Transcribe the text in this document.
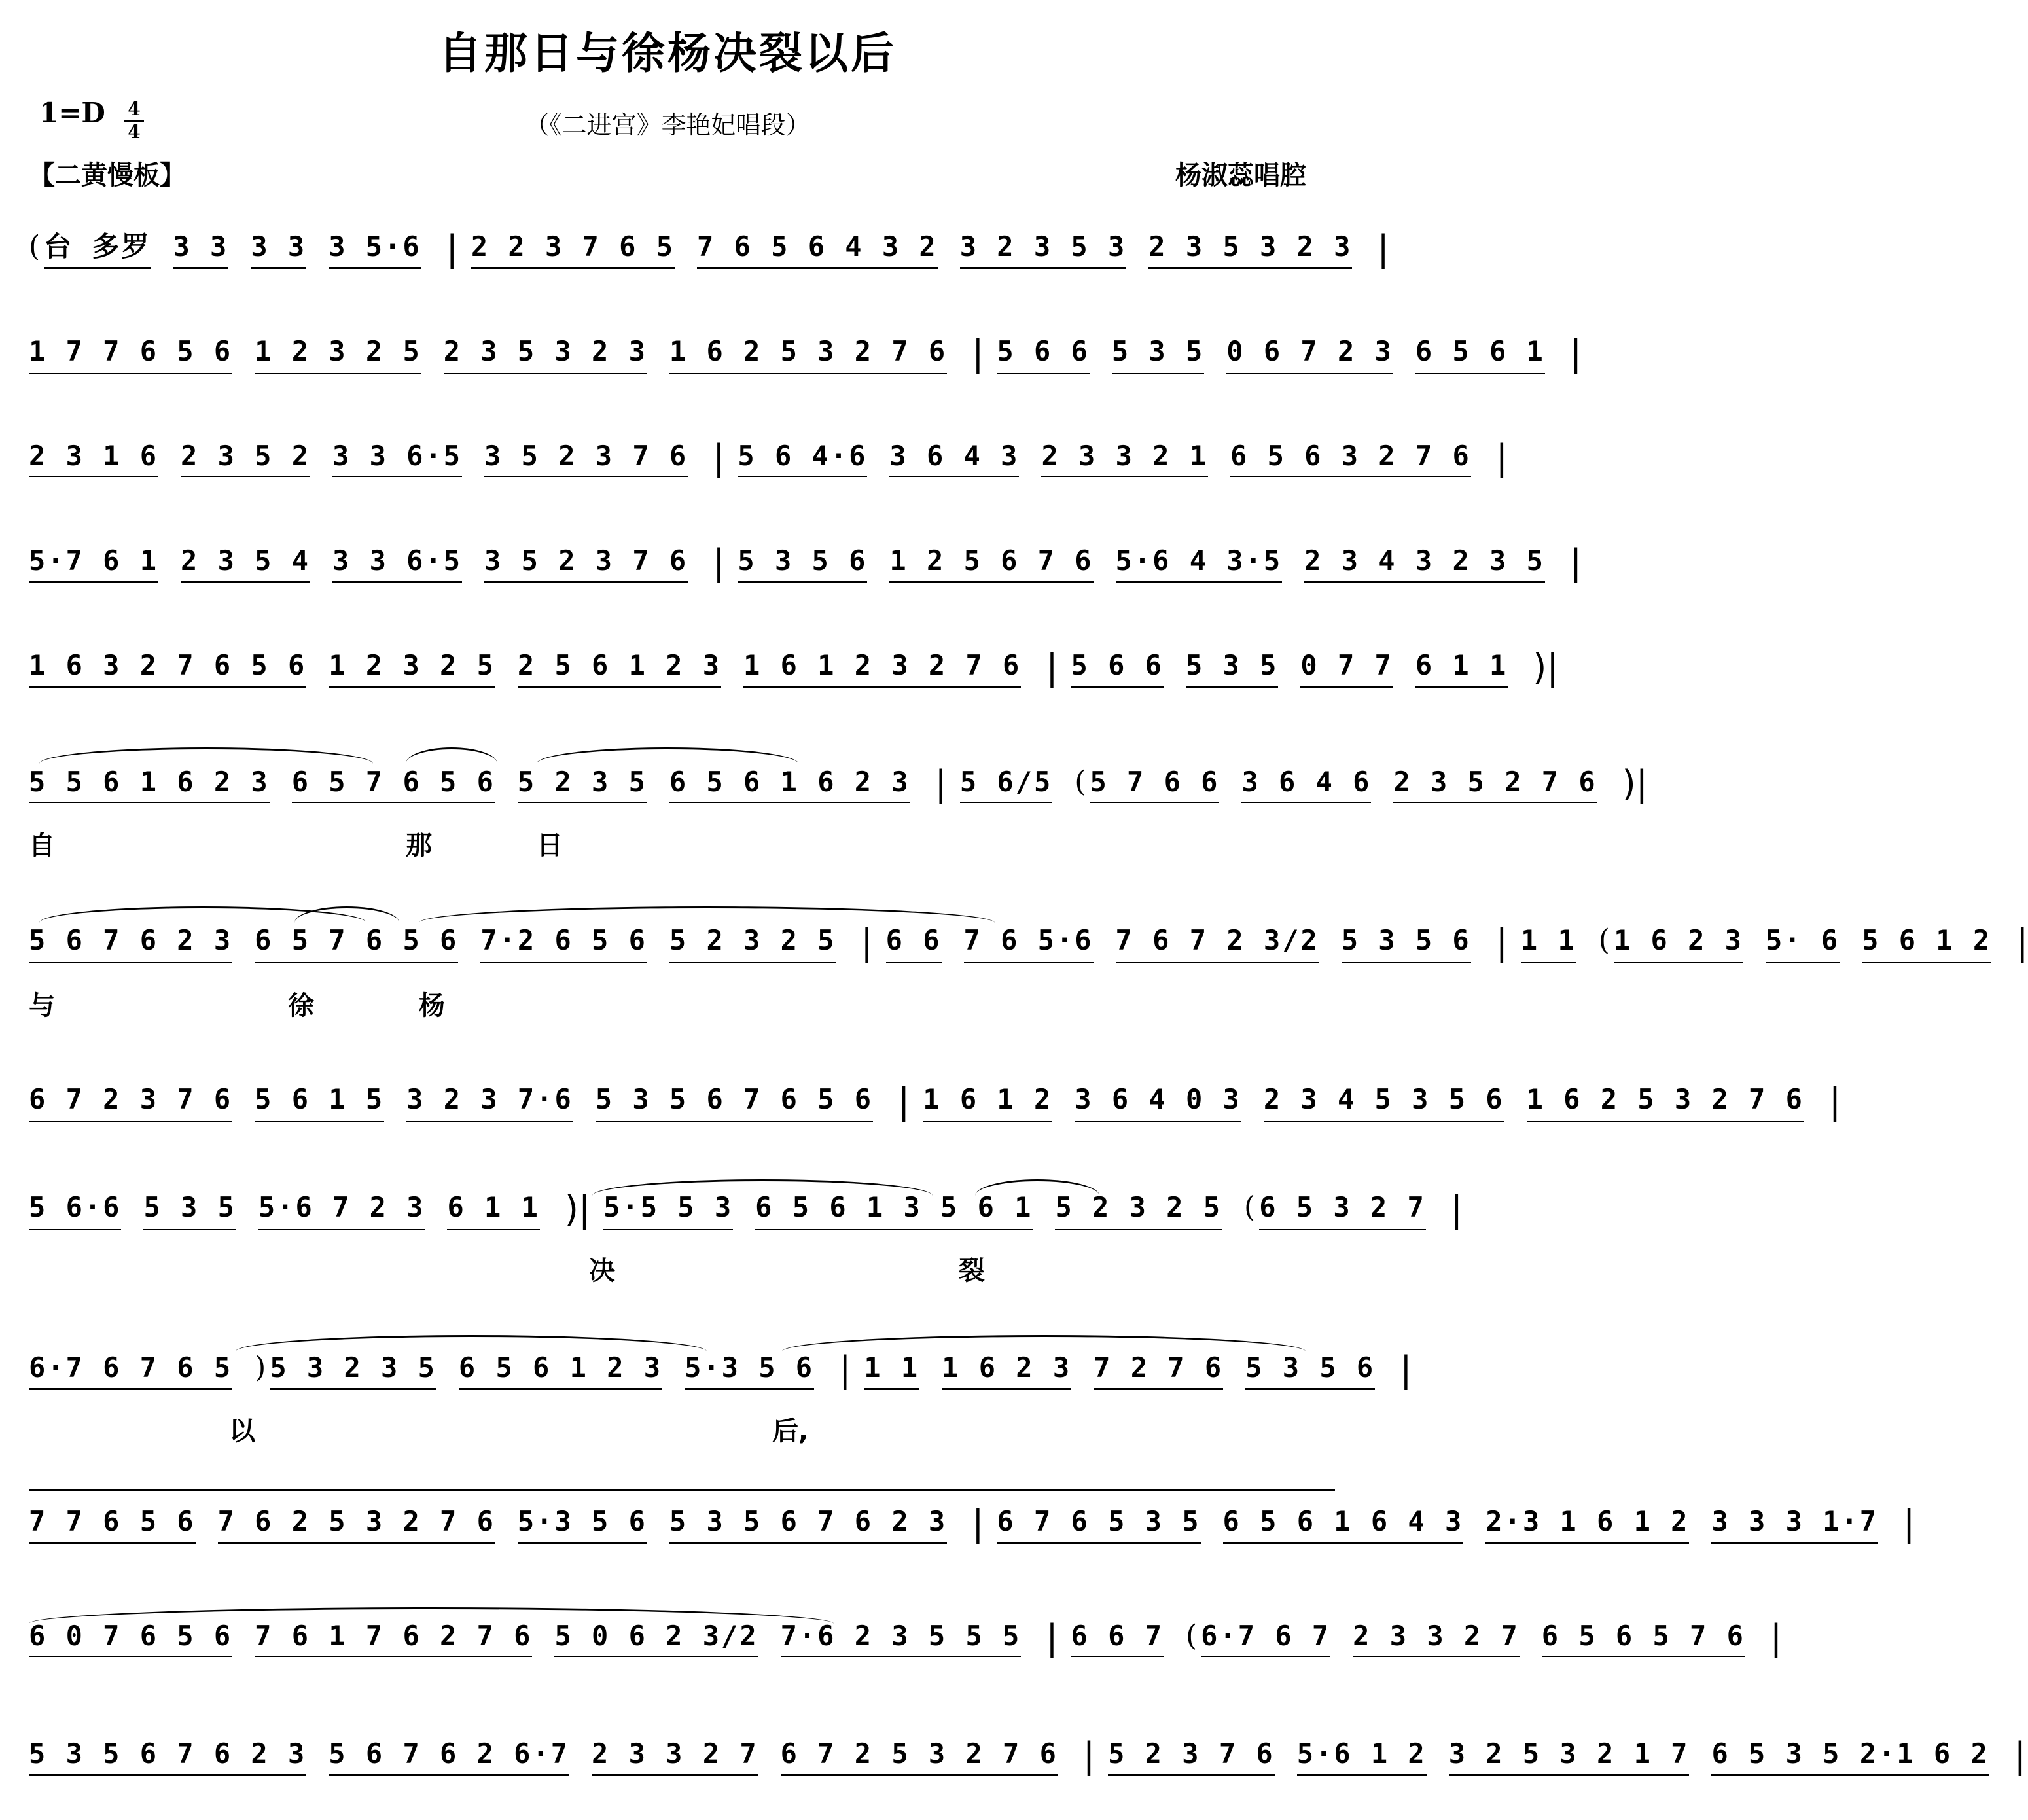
自那日与徐杨决裂以后
1=D 4
4	（《二进宫》李艳妃唱段）
【二黄慢板】	杨淑蕊唱腔
( 台 多罗 3 3 3 3 3 5·6 | 2 2 3 7 6 5 7 6 5 6 4 3 2 3 2 3 5 3 2 3 5 3 2 3 |
1 7 7 6 5 6 1 2 3 2 5 2 3 5 3 2 3 1 6 2 5 3 2 7 6 | 5 6 6 5 3 5 0 6 7 2 3 6 5 6 1 |
2 3 1 6 2 3 5 2 3 3 6·5 3 5 2 3 7 6 | 5 6 4·6 3 6 4 3 2 3 3 2 1 6 5 6 3 2 7 6 |
5·7 6 1 2 3 5 4 3 3 6·5 3 5 2 3 7 6 | 5 3 5 6 1 2 5 6 7 6 5·6 4 3·5 2 3 4 3 2 3 5 |
1 6 3 2 7 6 5 6 1 2 3 2 5 2 5 6 1 2 3 1 6 1 2 3 2 7 6 | 5 6 6 5 3 5 0 7 7 6 1 1 )|
5 5 6 1 6 2 3 6 5 7 6 5 6 5 2 3 5 6 5 6 1 6 2 3 | 5 6/5 ( 5 7 6 6 3 6 4 6 2 3 5 2 7 6 )|
5 6 7 6 2 3 6 5 7 6 5 6 7·2 6 5 6 5 2 3 2 5 | 6 6 7 6 5·6 7 6 7 2 3/2 5 3 5 6 | 1 1 ( 1 6 2 3 5· 6 5 6 1 2 |
6 7 2 3 7 6 5 6 1 5 3 2 3 7·6 5 3 5 6 7 6 5 6 | 1 6 1 2 3 6 4 0 3 2 3 4 5 3 5 6 1 6 2 5 3 2 7 6 |
5 6·6 5 3 5 5·6 7 2 3 6 1 1 )| 5·5 5 3 6 5 6 1 3 5 6 1 5 2 3 2 5 ( 6 5 3 2 7 |
6·7 6 7 6 5 ) 5 3 2 3 5 6 5 6 1 2 3 5·3 5 6 | 1 1 1 6 2 3 7 2 7 6 5 3 5 6 |
7 7 6 5 6 7 6 2 5 3 2 7 6 5·3 5 6 5 3 5 6 7 6 2 3 | 6 7 6 5 3 5 6 5 6 1 6 4 3 2·3 1 6 1 2 3 3 3 1·7 |
6 0 7 6 5 6 7 6 1 7 6 2 7 6 5 0 6 2 3/2 7·6 2 3 5 5 5 | 6 6 7 ( 6·7 6 7 2 3 3 2 7 6 5 6 5 7 6 |
5 3 5 6 7 6 2 3 5 6 7 6 2 6·7 2 3 3 2 7 6 7 2 5 3 2 7 6 | 5 2 3 7 6 5·6 1 2 3 2 5 3 2 1 7 6 5 3 5 2·1 6 2 |
自	那	日
与	徐	杨
决	裂
以	后,
